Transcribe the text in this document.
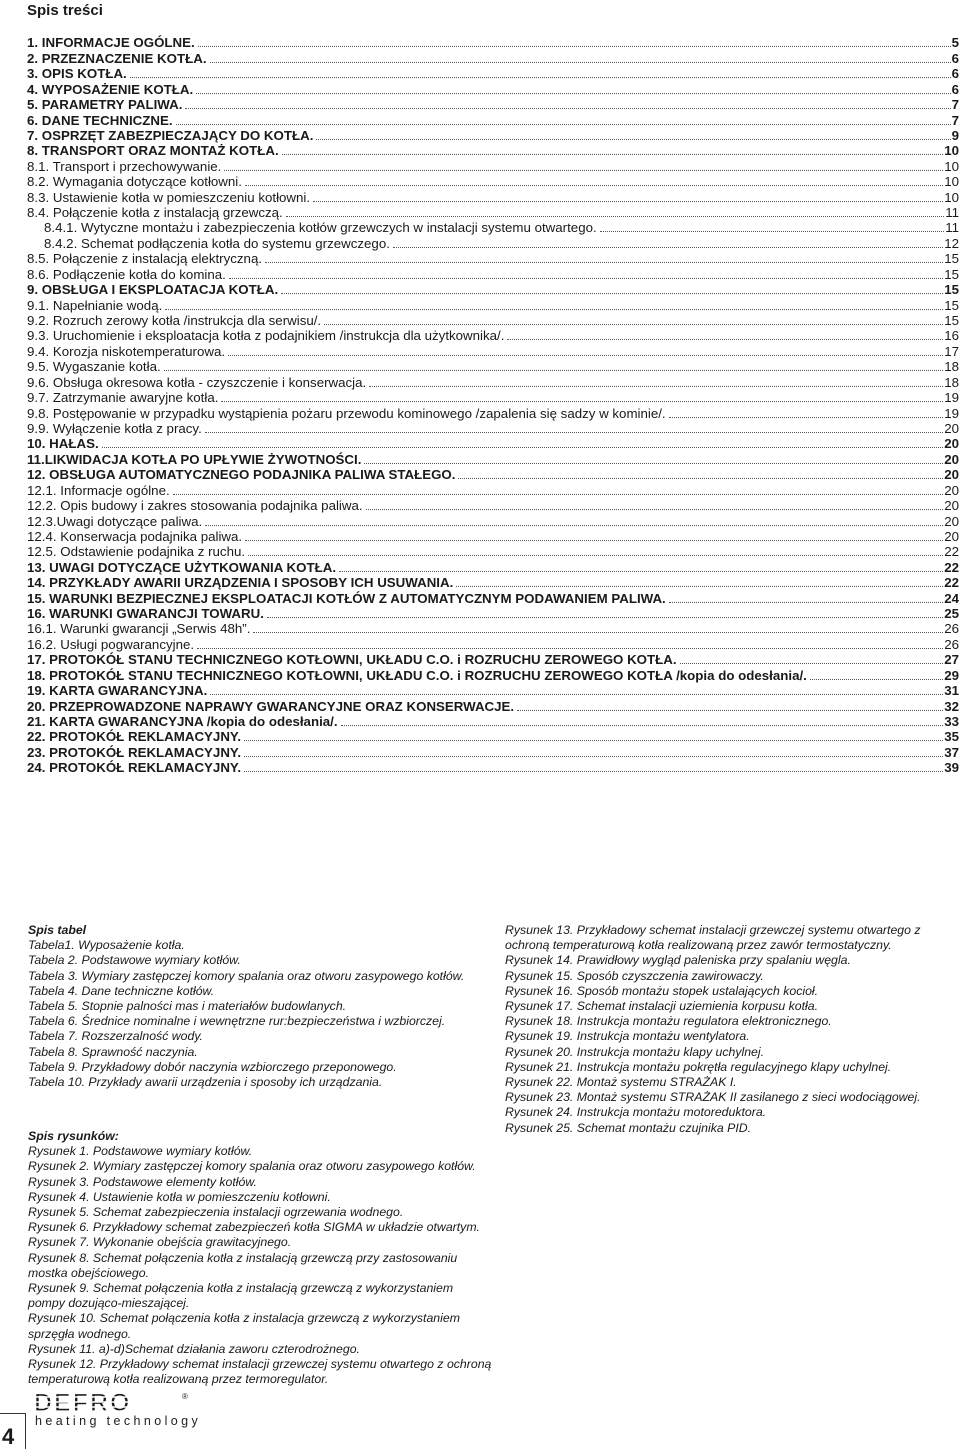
Spis treści
1. INFORMACJE OGÓLNE.	5
2. PRZEZNACZENIE KOTŁA.	6
3. OPIS KOTŁA.	6
4. WYPOSAŻENIE KOTŁA.	6
5. PARAMETRY PALIWA.	7
6. DANE TECHNICZNE.	7
7. OSPRZĘT ZABEZPIECZAJĄCY DO KOTŁA.	9
8. TRANSPORT ORAZ MONTAŻ KOTŁA.	10
8.1. Transport i przechowywanie.	10
8.2. Wymagania dotyczące kotłowni.	10
8.3. Ustawienie kotła w pomieszczeniu kotłowni.	10
8.4. Połączenie kotła z instalacją grzewczą.	11
8.4.1. Wytyczne montażu i zabezpieczenia kotłów grzewczych w instalacji systemu otwartego.	11
8.4.2. Schemat podłączenia kotła do systemu grzewczego.	12
8.5. Połączenie z instalacją elektryczną.	15
8.6. Podłączenie kotła do komina.	15
9. OBSŁUGA I EKSPLOATACJA KOTŁA.	15
9.1. Napełnianie wodą.	15
9.2. Rozruch zerowy kotła /instrukcja dla serwisu/.	15
9.3. Uruchomienie i eksploatacja kotła z podajnikiem /instrukcja dla użytkownika/.	16
9.4. Korozja niskotemperaturowa.	17
9.5. Wygaszanie kotła.	18
9.6. Obsługa okresowa kotła - czyszczenie i konserwacja.	18
9.7. Zatrzymanie awaryjne kotła.	19
9.8. Postępowanie w przypadku wystąpienia pożaru przewodu kominowego /zapalenia się sadzy w kominie/.	19
9.9. Wyłączenie kotła z pracy.	20
10. HAŁAS.	20
11.LIKWIDACJA KOTŁA PO UPŁYWIE ŻYWOTNOŚCI.	20
12. OBSŁUGA AUTOMATYCZNEGO PODAJNIKA PALIWA STAŁEGO.	20
12.1. Informacje ogólne.	20
12.2. Opis budowy i zakres stosowania podajnika paliwa.	20
12.3.Uwagi dotyczące paliwa.	20
12.4. Konserwacja podajnika paliwa.	20
12.5. Odstawienie podajnika z ruchu.	22
13. UWAGI DOTYCZĄCE UŻYTKOWANIA KOTŁA.	22
14. PRZYKŁADY AWARII URZĄDZENIA I SPOSOBY ICH USUWANIA.	22
15. WARUNKI BEZPIECZNEJ EKSPLOATACJI KOTŁÓW Z AUTOMATYCZNYM PODAWANIEM PALIWA.	24
16. WARUNKI GWARANCJI TOWARU.	25
16.1. Warunki gwarancji „Serwis 48h”.	26
16.2. Usługi pogwarancyjne.	26
17. PROTOKÓŁ STANU TECHNICZNEGO KOTŁOWNI, UKŁADU C.O. i ROZRUCHU ZEROWEGO KOTŁA.	27
18. PROTOKÓŁ STANU TECHNICZNEGO KOTŁOWNI, UKŁADU C.O. i ROZRUCHU ZEROWEGO KOTŁA /kopia do odesłania/.	29
19. KARTA GWARANCYJNA.	31
20. PRZEPROWADZONE NAPRAWY GWARANCYJNE ORAZ KONSERWACJE.	32
21. KARTA GWARANCYJNA /kopia do odesłania/.	33
22. PROTOKÓŁ REKLAMACYJNY.	35
23. PROTOKÓŁ REKLAMACYJNY.	37
24. PROTOKÓŁ REKLAMACYJNY.	39
Spis tabel
Tabela1. Wyposażenie kotła.
Tabela 2. Podstawowe wymiary kotłów.
Tabela 3. Wymiary zastępczej komory spalania oraz otworu zasypowego kotłów.
Tabela 4. Dane techniczne kotłów.
Tabela 5. Stopnie palności mas i materiałów budowlanych.
Tabela 6. Średnice nominalne i wewnętrzne rur:bezpieczeństwa i wzbiorczej.
Tabela 7. Rozszerzalność wody.
Tabela 8. Sprawność naczynia.
Tabela 9. Przykładowy dobór naczynia wzbiorczego przeponowego.
Tabela 10. Przykłady awarii urządzenia i sposoby ich urządzania.
Spis rysunków:
Rysunek 1. Podstawowe wymiary kotłów.
Rysunek 2. Wymiary zastępczej komory spalania oraz otworu zasypowego kotłów.
Rysunek 3. Podstawowe elementy kotłów.
Rysunek 4. Ustawienie kotła w pomieszczeniu kotłowni.
Rysunek 5. Schemat zabezpieczenia instalacji ogrzewania wodnego.
Rysunek 6. Przykładowy schemat zabezpieczeń kotła SIGMA w układzie otwartym.
Rysunek 7. Wykonanie obejścia grawitacyjnego.
Rysunek 8. Schemat połączenia kotła z instalacją grzewczą przy zastosowaniu mostka obejściowego.
Rysunek 9. Schemat połączenia kotła z instalacją grzewczą z wykorzystaniem pompy dozująco-mieszającej.
Rysunek 10. Schemat połączenia kotła z instalacja grzewczą z wykorzystaniem sprzęgła wodnego.
Rysunek 11. a)-d)Schemat działania zaworu czterodrożnego.
Rysunek 12. Przykładowy schemat instalacji grzewczej systemu otwartego z ochroną temperaturową kotła realizowaną przez termoregulator.
Rysunek 13. Przykładowy schemat instalacji grzewczej systemu otwartego z ochroną temperaturową kotła realizowaną przez zawór termostatyczny.
Rysunek 14. Prawidłowy wygląd paleniska przy spalaniu węgla.
Rysunek 15. Sposób czyszczenia zawirowaczy.
Rysunek 16. Sposób montażu stopek ustalających kocioł.
Rysunek 17. Schemat instalacji uziemienia korpusu kotła.
Rysunek 18. Instrukcja montażu regulatora elektronicznego.
Rysunek 19. Instrukcja montażu wentylatora.
Rysunek 20. Instrukcja montażu klapy uchylnej.
Rysunek 21. Instrukcja montażu pokrętła regulacyjnego klapy uchylnej.
Rysunek 22. Montaż systemu STRAŻAK I.
Rysunek 23. Montaż systemu STRAŻAK II zasilanego z sieci wodociągowej.
Rysunek 24. Instrukcja montażu motoreduktora.
Rysunek 25. Schemat montażu czujnika PID.
4
DEFRO	®
heating technology
